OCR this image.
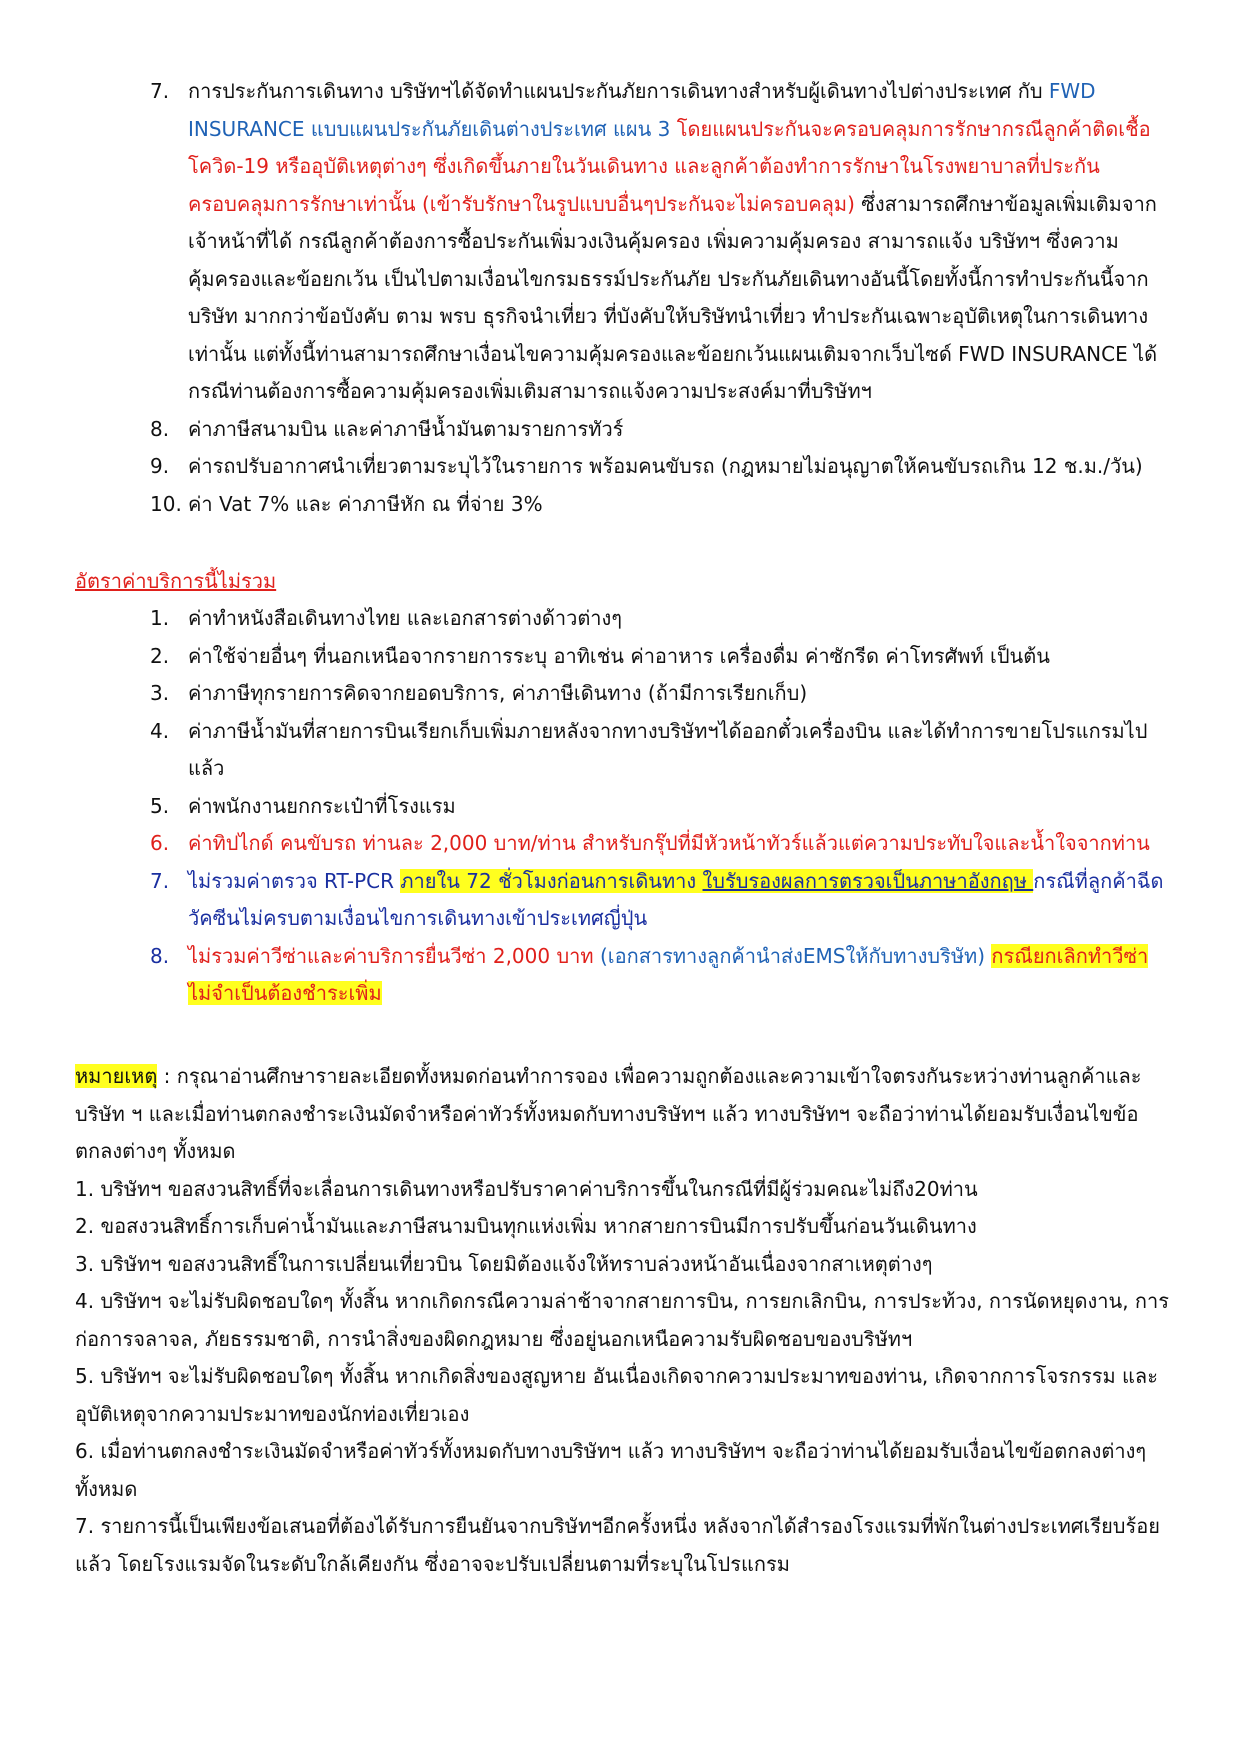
7. การประกันการเดินทาง บริษัทฯได้จัดทำแผนประกันภัยการเดินทางสำหรับผู้เดินทางไปต่างประเทศ กับ FWD INSURANCE แบบแผนประกันภัยเดินต่างประเทศ แผน 3 โดยแผนประกันจะครอบคลุมการรักษากรณีลูกค้าติดเชื้อโควิด-19 หรืออุบัติเหตุต่างๆ ซึ่งเกิดขึ้นภายในวันเดินทาง และลูกค้าต้องทำการรักษาในโรงพยาบาลที่ประกันครอบคลุมการรักษาเท่านั้น (เข้ารับรักษาในรูปแบบอื่นๆประกันจะไม่ครอบคลุม) ซึ่งสามารถศึกษาข้อมูลเพิ่มเติมจากเจ้าหน้าที่ได้ กรณีลูกค้าต้องการซื้อประกันเพิ่มวงเงินคุ้มครอง เพิ่มความคุ้มครอง สามารถแจ้ง บริษัทฯ ซึ่งความคุ้มครองและข้อยกเว้น เป็นไปตามเงื่อนไขกรมธรรม์ประกันภัย ประกันภัยเดินทางอันนี้โดยทั้งนี้การทำประกันนี้จากบริษัท มากกว่าข้อบังคับ ตาม พรบ ธุรกิจนำเที่ยว ที่บังคับให้บริษัทนำเที่ยว ทำประกันเฉพาะอุบัติเหตุในการเดินทางเท่านั้น แต่ทั้งนี้ท่านสามารถศึกษาเงื่อนไขความคุ้มครองและข้อยกเว้นแผนเติมจากเว็บไซด์ FWD INSURANCE ได้กรณีท่านต้องการซื้อความคุ้มครองเพิ่มเติมสามารถแจ้งความประสงค์มาที่บริษัทฯ
8. ค่าภาษีสนามบิน และค่าภาษีน้ำมันตามรายการทัวร์
9. ค่ารถปรับอากาศนำเที่ยวตามระบุไว้ในรายการ พร้อมคนขับรถ (กฎหมายไม่อนุญาตให้คนขับรถเกิน 12 ช.ม./วัน)
10. ค่า Vat 7% และ ค่าภาษีหัก ณ ที่จ่าย 3%
อัตราค่าบริการนี้ไม่รวม
1. ค่าทำหนังสือเดินทางไทย และเอกสารต่างด้าวต่างๆ
2. ค่าใช้จ่ายอื่นๆ ที่นอกเหนือจากรายการระบุ อาทิเช่น ค่าอาหาร เครื่องดื่ม ค่าซักรีด ค่าโทรศัพท์ เป็นต้น
3. ค่าภาษีทุกรายการคิดจากยอดบริการ, ค่าภาษีเดินทาง (ถ้ามีการเรียกเก็บ)
4. ค่าภาษีน้ำมันที่สายการบินเรียกเก็บเพิ่มภายหลังจากทางบริษัทฯได้ออกตั๋วเครื่องบิน และได้ทำการขายโปรแกรมไปแล้ว
5. ค่าพนักงานยกกระเป๋าที่โรงแรม
6. ค่าทิปไกด์ คนขับรถ ท่านละ 2,000 บาท/ท่าน สำหรับกรุ๊ปที่มีหัวหน้าทัวร์แล้วแต่ความประทับใจและน้ำใจจากท่าน
7. ไม่รวมค่าตรวจ RT-PCR ภายใน 72 ชั่วโมงก่อนการเดินทาง ใบรับรองผลการตรวจเป็นภาษาอังกฤษ กรณีที่ลูกค้าฉีดวัคซีนไม่ครบตามเงื่อนไขการเดินทางเข้าประเทศญี่ปุ่น
8. ไม่รวมค่าวีซ่าและค่าบริการยื่นวีซ่า 2,000 บาท (เอกสารทางลูกค้านำส่งEMSให้กับทางบริษัท) กรณียกเลิกทำวีซ่าไม่จำเป็นต้องชำระเพิ่ม

หมายเหตุ : กรุณาอ่านศึกษารายละเอียดทั้งหมดก่อนทำการจอง เพื่อความถูกต้องและความเข้าใจตรงกันระหว่างท่านลูกค้าและบริษัท ฯ และเมื่อท่านตกลงชำระเงินมัดจำหรือค่าทัวร์ทั้งหมดกับทางบริษัทฯ แล้ว ทางบริษัทฯ จะถือว่าท่านได้ยอมรับเงื่อนไขข้อตกลงต่างๆ ทั้งหมด

1. บริษัทฯ ขอสงวนสิทธิ์ที่จะเลื่อนการเดินทางหรือปรับราคาค่าบริการขึ้นในกรณีที่มีผู้ร่วมคณะไม่ถึง20ท่าน

2. ขอสงวนสิทธิ์การเก็บค่าน้ำมันและภาษีสนามบินทุกแห่งเพิ่ม หากสายการบินมีการปรับขึ้นก่อนวันเดินทาง

3. บริษัทฯ ขอสงวนสิทธิ์ในการเปลี่ยนเที่ยวบิน โดยมิต้องแจ้งให้ทราบล่วงหน้าอันเนื่องจากสาเหตุต่างๆ

4. บริษัทฯ จะไม่รับผิดชอบใดๆ ทั้งสิ้น หากเกิดกรณีความล่าช้าจากสายการบิน, การยกเลิกบิน, การประท้วง, การนัดหยุดงาน, การก่อการจลาจล, ภัยธรรมชาติ, การนำสิ่งของผิดกฎหมาย ซึ่งอยู่นอกเหนือความรับผิดชอบของบริษัทฯ

5. บริษัทฯ จะไม่รับผิดชอบใดๆ ทั้งสิ้น หากเกิดสิ่งของสูญหาย อันเนื่องเกิดจากความประมาทของท่าน, เกิดจากการโจรกรรม และ อุบัติเหตุจากความประมาทของนักท่องเที่ยวเอง

6. เมื่อท่านตกลงชำระเงินมัดจำหรือค่าทัวร์ทั้งหมดกับทางบริษัทฯ แล้ว ทางบริษัทฯ จะถือว่าท่านได้ยอมรับเงื่อนไขข้อตกลงต่างๆ ทั้งหมด

7. รายการนี้เป็นเพียงข้อเสนอที่ต้องได้รับการยืนยันจากบริษัทฯอีกครั้งหนึ่ง หลังจากได้สำรองโรงแรมที่พักในต่างประเทศเรียบร้อยแล้ว โดยโรงแรมจัดในระดับใกล้เคียงกัน ซึ่งอาจจะปรับเปลี่ยนตามที่ระบุในโปรแกรม
